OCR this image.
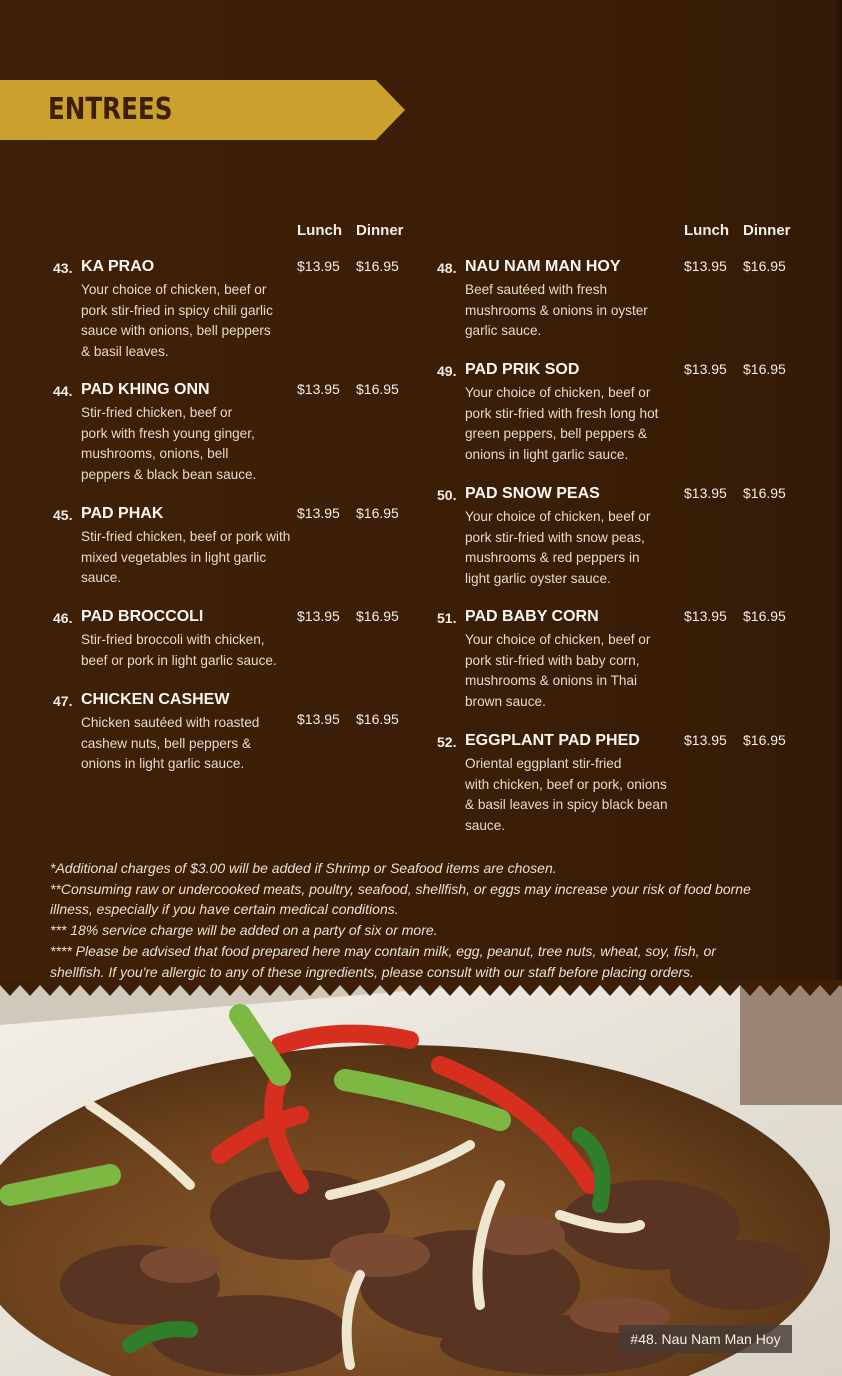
ENTREES
Lunch Dinner	Lunch Dinner
43. KA PRAO
Your choice of chicken, beef or
pork stir-fried in spicy chili garlic
sauce with onions, bell peppers
& basil leaves.
$13.95 $16.95
44. PAD KHING ONN
Stir-fried chicken, beef or
pork with fresh young ginger,
mushrooms, onions, bell
peppers & black bean sauce.
$13.95 $16.95
45. PAD PHAK
Stir-fried chicken, beef or pork with
mixed vegetables in light garlic
sauce.
$13.95 $16.95
46. PAD BROCCOLI
Stir-fried broccoli with chicken,
beef or pork in light garlic sauce.
$13.95 $16.95
47. CHICKEN CASHEW
Chicken sautéed with roasted
cashew nuts, bell peppers &
onions in light garlic sauce.
$13.95 $16.95
48. NAU NAM MAN HOY
Beef sautéed with fresh
mushrooms & onions in oyster
garlic sauce.
$13.95 $16.95
49. PAD PRIK SOD
Your choice of chicken, beef or
pork stir-fried with fresh long hot
green peppers, bell peppers &
onions in light garlic sauce.
$13.95 $16.95
50. PAD SNOW PEAS
Your choice of chicken, beef or
pork stir-fried with snow peas,
mushrooms & red peppers in
light garlic oyster sauce.
$13.95 $16.95
51. PAD BABY CORN
Your choice of chicken, beef or
pork stir-fried with baby corn,
mushrooms & onions in Thai
brown sauce.
$13.95 $16.95
52. EGGPLANT PAD PHED
Oriental eggplant stir-fried
with chicken, beef or pork, onions
& basil leaves in spicy black bean
sauce.
$13.95 $16.95
*Additional charges of $3.00 will be added if Shrimp or Seafood items are chosen.
**Consuming raw or undercooked meats, poultry, seafood, shellfish, or eggs may increase your risk of food borne
illness, especially if you have certain medical conditions.
*** 18% service charge will be added on a party of six or more.
**** Please be advised that food prepared here may contain milk, egg, peanut, tree nuts, wheat, soy, fish, or
shellfish. If you're allergic to any of these ingredients, please consult with our staff before placing orders.
#48. Nau Nam Man Hoy
